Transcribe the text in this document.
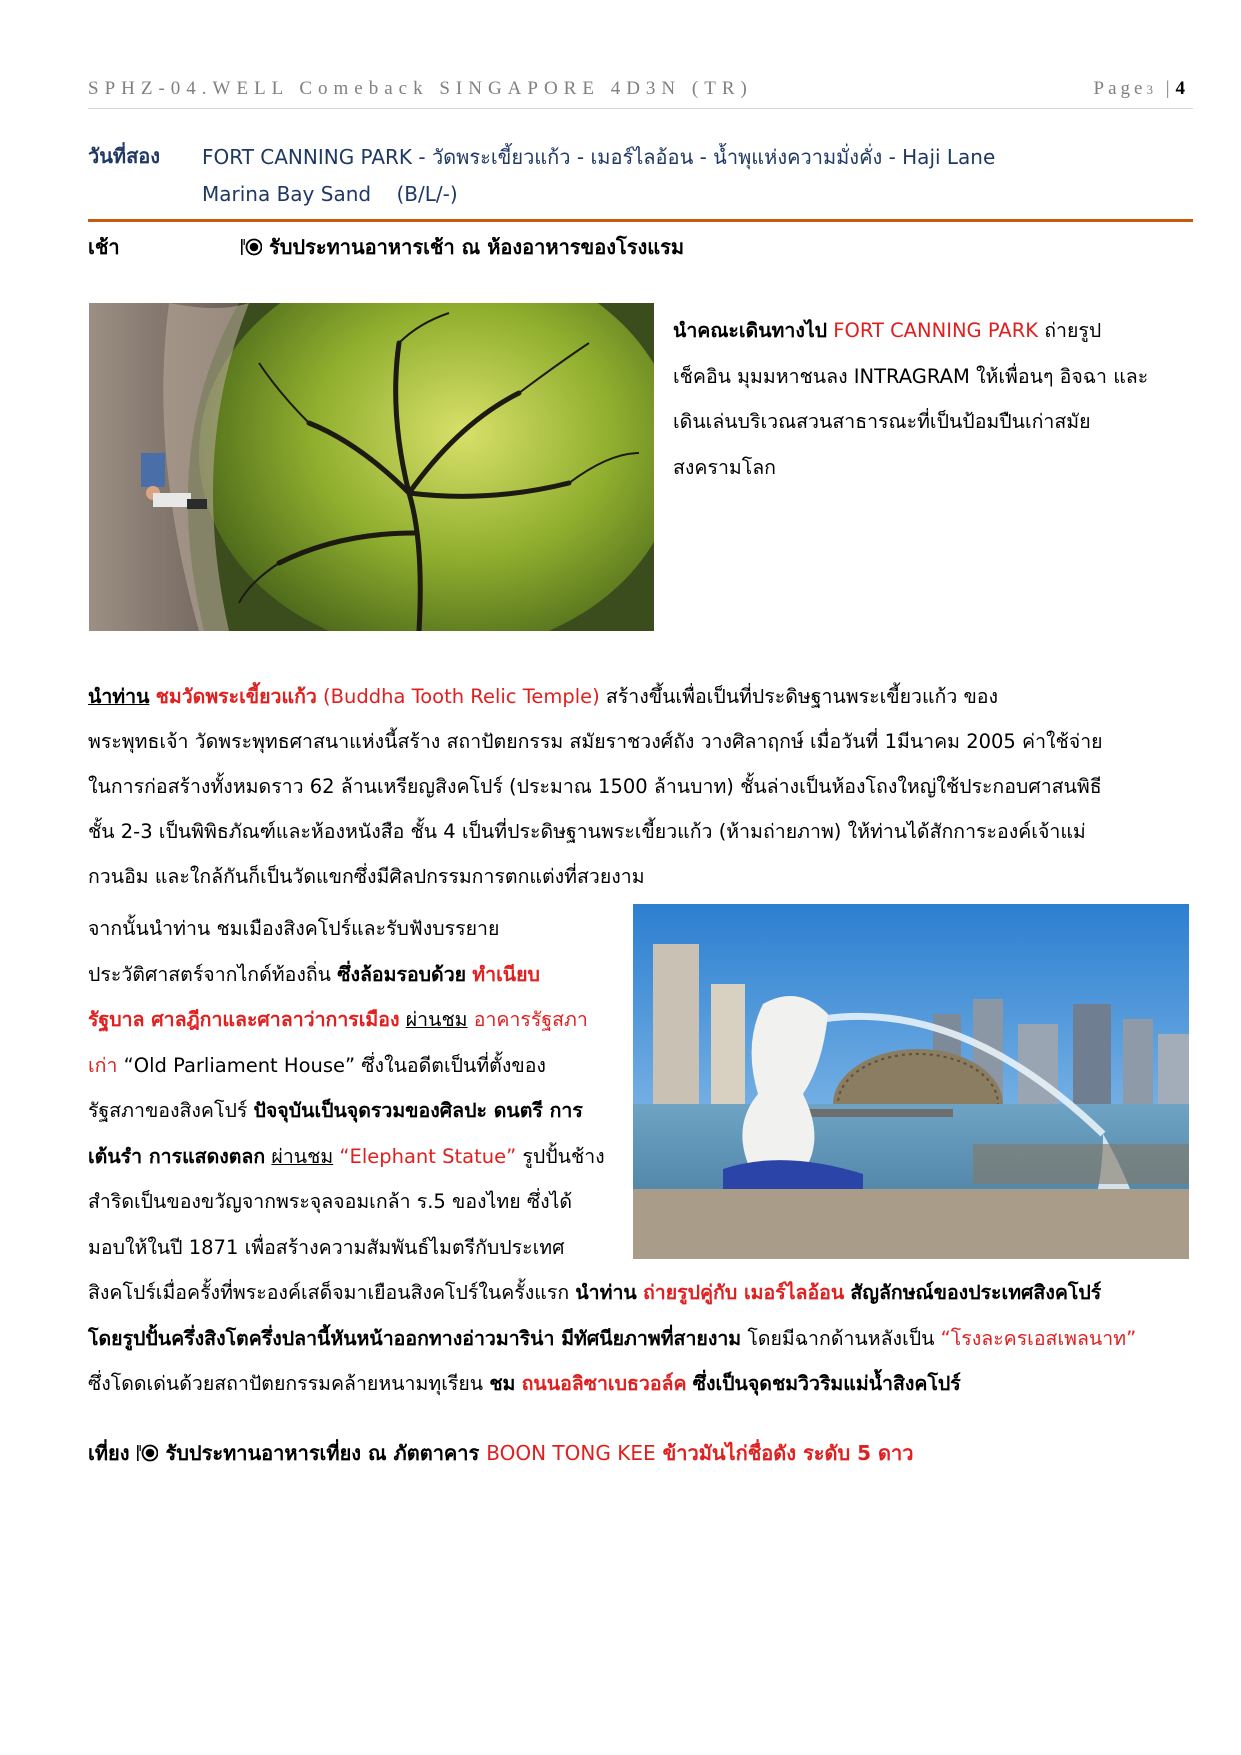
SPHZ-04.WELL Comeback SINGAPORE 4D3N (TR)	Page3 | 4
วันที่สอง FORT CANNING PARK - วัดพระเขี้ยวแก้ว - เมอร์ไลอ้อน - น้ำพุแห่งความมั่งคั่ง - Haji Lane
Marina Bay Sand    (B/L/-)
เช้า	รับประทานอาหารเช้า ณ ห้องอาหารของโรงแรม
นำคณะเดินทางไป FORT CANNING PARK ถ่ายรูป
เช็คอิน มุมมหาชนลง INTRAGRAM ให้เพื่อนๆ อิจฉา และ
เดินเล่นบริเวณสวนสาธารณะที่เป็นป้อมปืนเก่าสมัย
สงครามโลก
นำท่าน ชมวัดพระเขี้ยวแก้ว (Buddha Tooth Relic Temple) สร้างขึ้นเพื่อเป็นที่ประดิษฐานพระเขี้ยวแก้ว ของ
พระพุทธเจ้า วัดพระพุทธศาสนาแห่งนี้สร้าง สถาปัตยกรรม สมัยราชวงศ์ถัง วางศิลาฤกษ์ เมื่อวันที่ 1มีนาคม 2005 ค่าใช้จ่าย
ในการก่อสร้างทั้งหมดราว 62 ล้านเหรียญสิงคโปร์ (ประมาณ 1500 ล้านบาท) ชั้นล่างเป็นห้องโถงใหญ่ใช้ประกอบศาสนพิธี
ชั้น 2-3 เป็นพิพิธภัณฑ์และห้องหนังสือ ชั้น 4 เป็นที่ประดิษฐานพระเขี้ยวแก้ว (ห้ามถ่ายภาพ) ให้ท่านได้สักการะองค์เจ้าแม่
กวนอิม และใกล้กันก็เป็นวัดแขกซึ่งมีศิลปกรรมการตกแต่งที่สวยงาม
จากนั้นนำท่าน ชมเมืองสิงคโปร์และรับฟังบรรยาย
ประวัติศาสตร์จากไกด์ท้องถิ่น ซึ่งล้อมรอบด้วย ทำเนียบ
รัฐบาล ศาลฎีกาและศาลาว่าการเมือง ผ่านชม อาคารรัฐสภา
เก่า “Old Parliament House” ซึ่งในอดีตเป็นที่ตั้งของ
รัฐสภาของสิงคโปร์ ปัจจุบันเป็นจุดรวมของศิลปะ ดนตรี การ
เต้นรำ การแสดงตลก ผ่านชม “Elephant Statue” รูปปั้นช้าง
สำริดเป็นของขวัญจากพระจุลจอมเกล้า ร.5 ของไทย ซึ่งได้
มอบให้ในปี 1871 เพื่อสร้างความสัมพันธ์ไมตรีกับประเทศ
สิงคโปร์เมื่อครั้งที่พระองค์เสด็จมาเยือนสิงคโปร์ในครั้งแรก นำท่าน ถ่ายรูปคู่กับ เมอร์ไลอ้อน สัญลักษณ์ของประเทศสิงคโปร์
โดยรูปปั้นครึ่งสิงโตครึ่งปลานี้หันหน้าออกทางอ่าวมาริน่า มีทัศนียภาพที่สายงาม โดยมีฉากด้านหลังเป็น “โรงละครเอสเพลนาท”
ซึ่งโดดเด่นด้วยสถาปัตยกรรมคล้ายหนามทุเรียน ชม ถนนอลิซาเบธวอล์ค ซึ่งเป็นจุดชมวิวริมแม่น้ำสิงคโปร์
เที่ยง รับประทานอาหารเที่ยง ณ ภัตตาคาร BOON TONG KEE ข้าวมันไก่ชื่อดัง ระดับ 5 ดาว
